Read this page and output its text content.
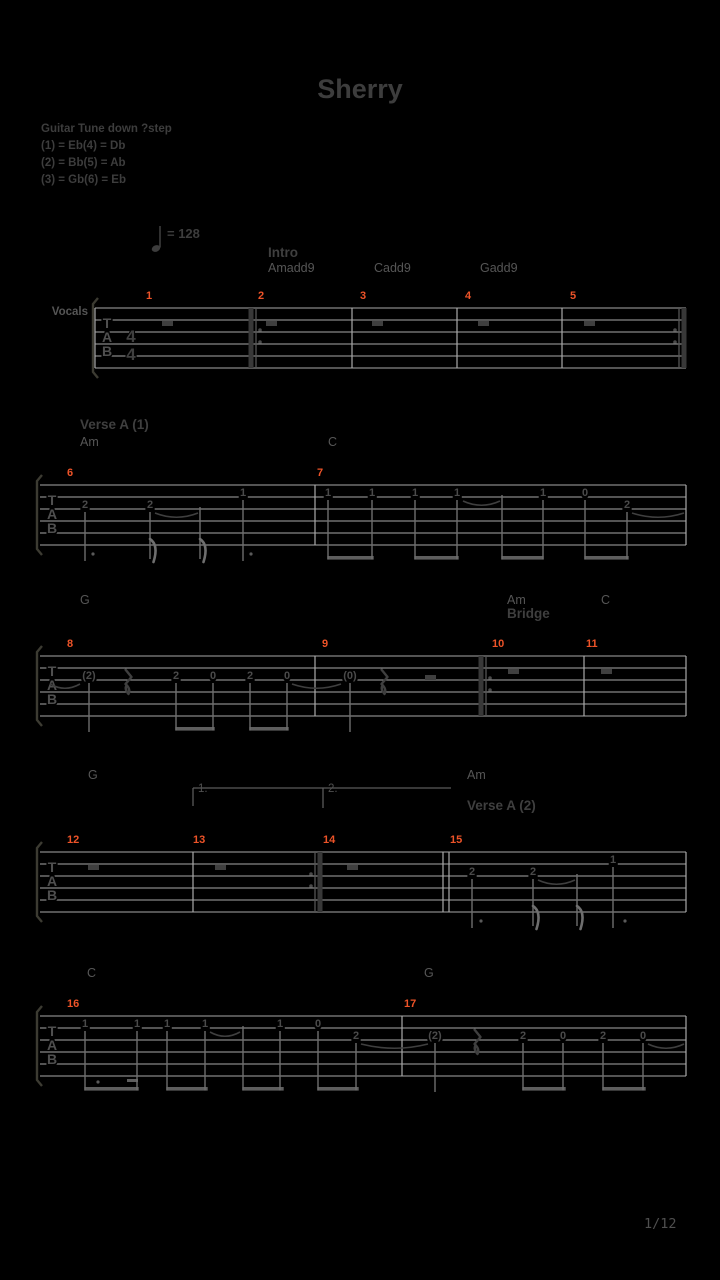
Sherry
Guitar Tune down ?step
(1) = Eb(4) = Db
(2) = Bb(5) = Ab
(3) = Gb(6) = Eb
= 128
Vocals
T
A
B
4
4
1	2	3	4	5
T
A
B
6	7
2	2
1	1	1	1	1	1	0
2
T
A
B
8	9	10	11
(2)	2	0	2	0	(0)
T
A
B
12	13	14	15
2	2
1
T
A
B
16	17
1	1 1	1	1	0
2	(2)	2	0	2	0
1.	2.
Intro
Amadd9	Cadd9	Gadd9
Verse A (1)
Am	C
G	Am
Bridge
C
G	Am
Verse A (2)
C	G
1/12
